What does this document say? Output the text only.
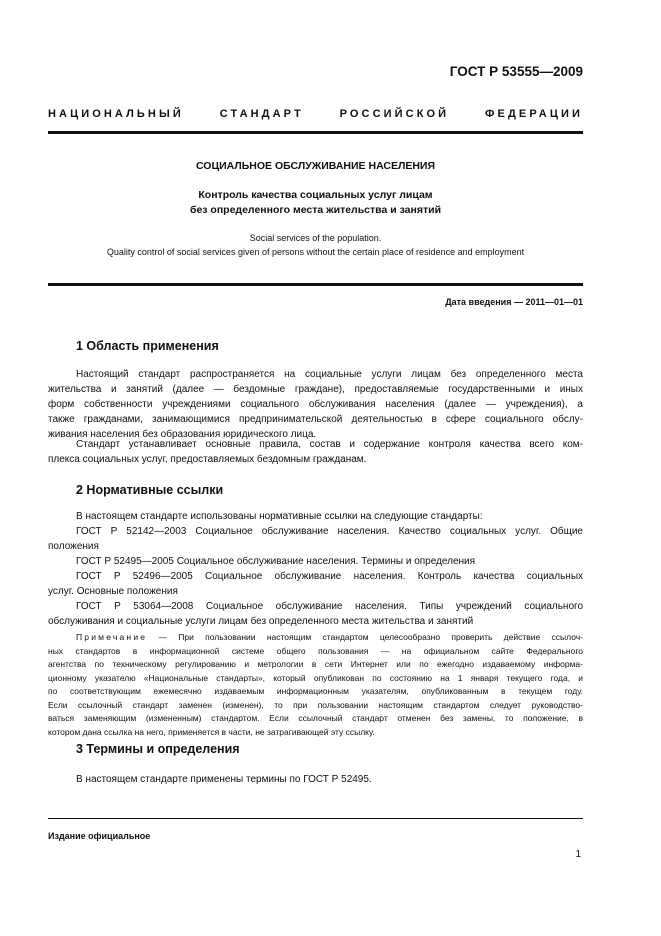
ГОСТ Р 53555—2009
НАЦИОНАЛЬНЫЙ СТАНДАРТ РОССИЙСКОЙ ФЕДЕРАЦИИ
СОЦИАЛЬНОЕ ОБСЛУЖИВАНИЕ НАСЕЛЕНИЯ
Контроль качества социальных услуг лицам
без определенного места жительства и занятий
Social services of the population.
Quality control of social services given of persons without the certain place of residence and employment
Дата введения — 2011—01—01
1 Область применения
Настоящий стандарт распространяется на социальные услуги лицам без определенного места
жительства и занятий (далее — бездомные граждане), предоставляемые государственными и иных
форм собственности учреждениями социального обслуживания населения (далее — учреждения), а
также гражданами, занимающимися предпринимательской деятельностью в сфере социального обслу-
живания населения без образования юридического лица.
Стандарт устанавливает основные правила, состав и содержание контроля качества всего ком-
плекса социальных услуг, предоставляемых бездомным гражданам.
2 Нормативные ссылки
В настоящем стандарте использованы нормативные ссылки на следующие стандарты:
ГОСТ Р 52142—2003 Социальное обслуживание населения. Качество социальных услуг. Общие
положения
ГОСТ Р 52495—2005 Социальное обслуживание населения. Термины и определения
ГОСТ Р 52496—2005 Социальное обслуживание населения. Контроль качества социальных
услуг. Основные положения
ГОСТ Р 53064—2008 Социальное обслуживание населения. Типы учреждений социального
обслуживания и социальные услуги лицам без определенного места жительства и занятий
Примечание — При пользовании настоящим стандартом целесообразно проверить действие ссылоч-
ных стандартов в информационной системе общего пользования — на официальном сайте Федерального
агентства по техническому регулированию и метрологии в сети Интернет или по ежегодно издаваемому информа-
ционному указателю «Национальные стандарты», который опубликован по состоянию на 1 января текущего года, и
по соответствующим ежемесячно издаваемым информационным указателям, опубликованным в текущем году.
Если ссылочный стандарт заменен (изменен), то при пользовании настоящим стандартом следует руководство-
ваться заменяющим (измененным) стандартом. Если ссылочный стандарт отменен без замены, то положение, в
котором дана ссылка на него, применяется в части, не затрагивающей эту ссылку.
3 Термины и определения
В настоящем стандарте применены термины по ГОСТ Р 52495.
Издание официальное
1
